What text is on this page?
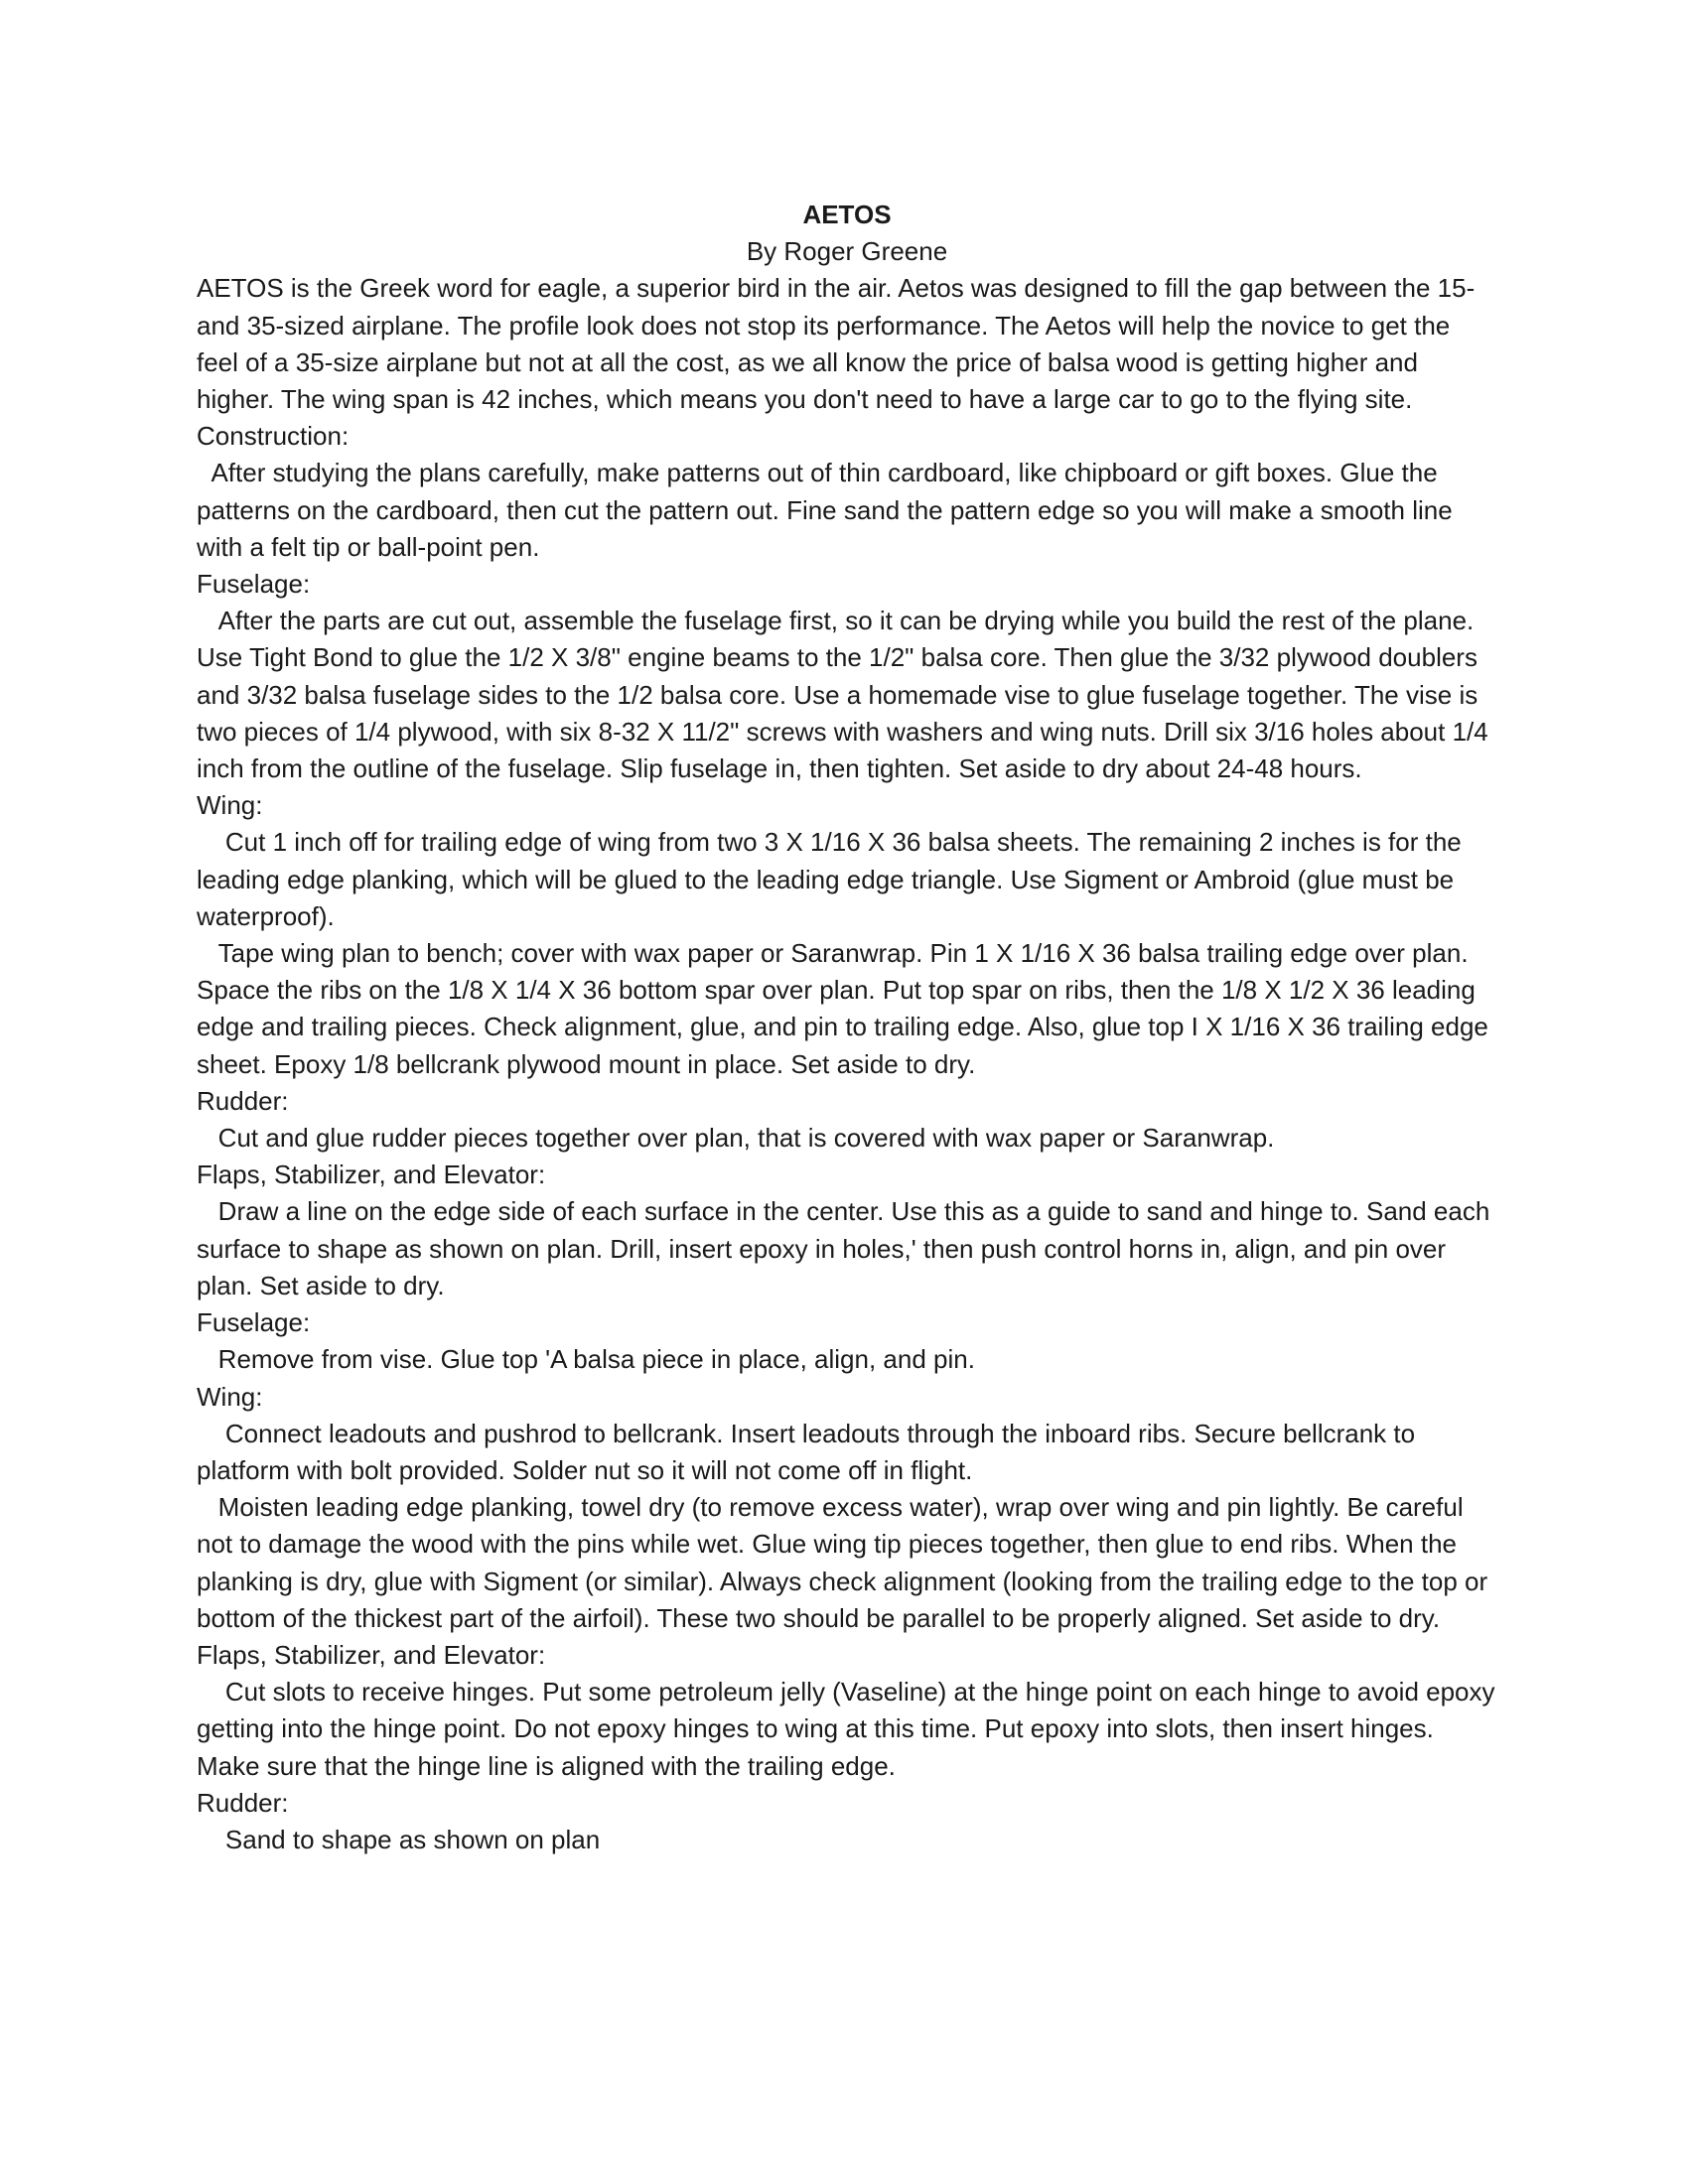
AETOS

By Roger Greene

AETOS is the Greek word for eagle, a superior bird in the air. Aetos was designed to fill the gap between the 15- and 35-sized airplane. The profile look does not stop its performance. The Aetos will help the novice to get the feel of a 35-size airplane but not at all the cost, as we all know the price of balsa wood is getting higher and higher. The wing span is 42 inches, which means you don't need to have a large car to go to the flying site.

Construction:

After studying the plans carefully, make patterns out of thin cardboard, like chipboard or gift boxes. Glue the patterns on the cardboard, then cut the pattern out. Fine sand the pattern edge so you will make a smooth line with a felt tip or ball-point pen.

Fuselage:

After the parts are cut out, assemble the fuselage first, so it can be drying while you build the rest of the plane. Use Tight Bond to glue the 1/2 X 3/8" engine beams to the 1/2" balsa core. Then glue the 3/32 plywood doublers and 3/32 balsa fuselage sides to the 1/2 balsa core. Use a homemade vise to glue fuselage together. The vise is two pieces of 1/4 plywood, with six 8-32 X 11/2" screws with washers and wing nuts. Drill six 3/16 holes about 1/4 inch from the outline of the fuselage. Slip fuselage in, then tighten. Set aside to dry about 24-48 hours.

Wing:

Cut 1 inch off for trailing edge of wing from two 3 X 1/16 X 36 balsa sheets. The remaining 2 inches is for the leading edge planking, which will be glued to the leading edge triangle. Use Sigment or Ambroid (glue must be waterproof).

Tape wing plan to bench; cover with wax paper or Saranwrap. Pin 1 X 1/16 X 36 balsa trailing edge over plan. Space the ribs on the 1/8 X 1/4 X 36 bottom spar over plan. Put top spar on ribs, then the 1/8 X 1/2 X 36 leading edge and trailing pieces. Check alignment, glue, and pin to trailing edge. Also, glue top I X 1/16 X 36 trailing edge sheet. Epoxy 1/8 bellcrank plywood mount in place. Set aside to dry.

Rudder:

Cut and glue rudder pieces together over plan, that is covered with wax paper or Saranwrap.

Flaps, Stabilizer, and Elevator:

Draw a line on the edge side of each surface in the center. Use this as a guide to sand and hinge to. Sand each surface to shape as shown on plan. Drill, insert epoxy in holes,' then push control horns in, align, and pin over plan. Set aside to dry.

Fuselage:

Remove from vise. Glue top 'A balsa piece in place, align, and pin.

Wing:

Connect leadouts and pushrod to bellcrank. Insert leadouts through the inboard ribs. Secure bellcrank to platform with bolt provided. Solder nut so it will not come off in flight.

Moisten leading edge planking, towel dry (to remove excess water), wrap over wing and pin lightly. Be careful not to damage the wood with the pins while wet. Glue wing tip pieces together, then glue to end ribs. When the planking is dry, glue with Sigment (or similar). Always check alignment (looking from the trailing edge to the top or bottom of the thickest part of the airfoil). These two should be parallel to be properly aligned. Set aside to dry.

Flaps, Stabilizer, and Elevator:

Cut slots to receive hinges. Put some petroleum jelly (Vaseline) at the hinge point on each hinge to avoid epoxy getting into the hinge point. Do not epoxy hinges to wing at this time. Put epoxy into slots, then insert hinges. Make sure that the hinge line is aligned with the trailing edge.

Rudder:

Sand to shape as shown on plan
